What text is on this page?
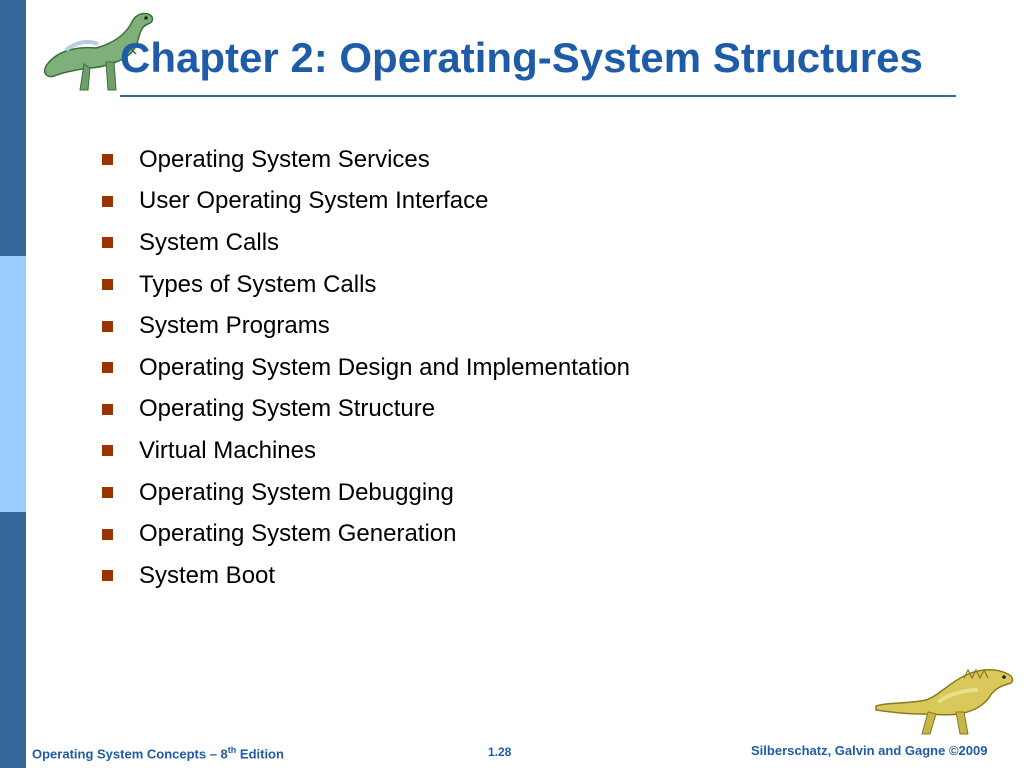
Chapter 2: Operating-System Structures
Operating System Services
User Operating System Interface
System Calls
Types of System Calls
System Programs
Operating System Design and Implementation
Operating System Structure
Virtual Machines
Operating System Debugging
Operating System Generation
System Boot
Operating System Concepts – 8th Edition	1.28	Silberschatz, Galvin and Gagne ©2009
